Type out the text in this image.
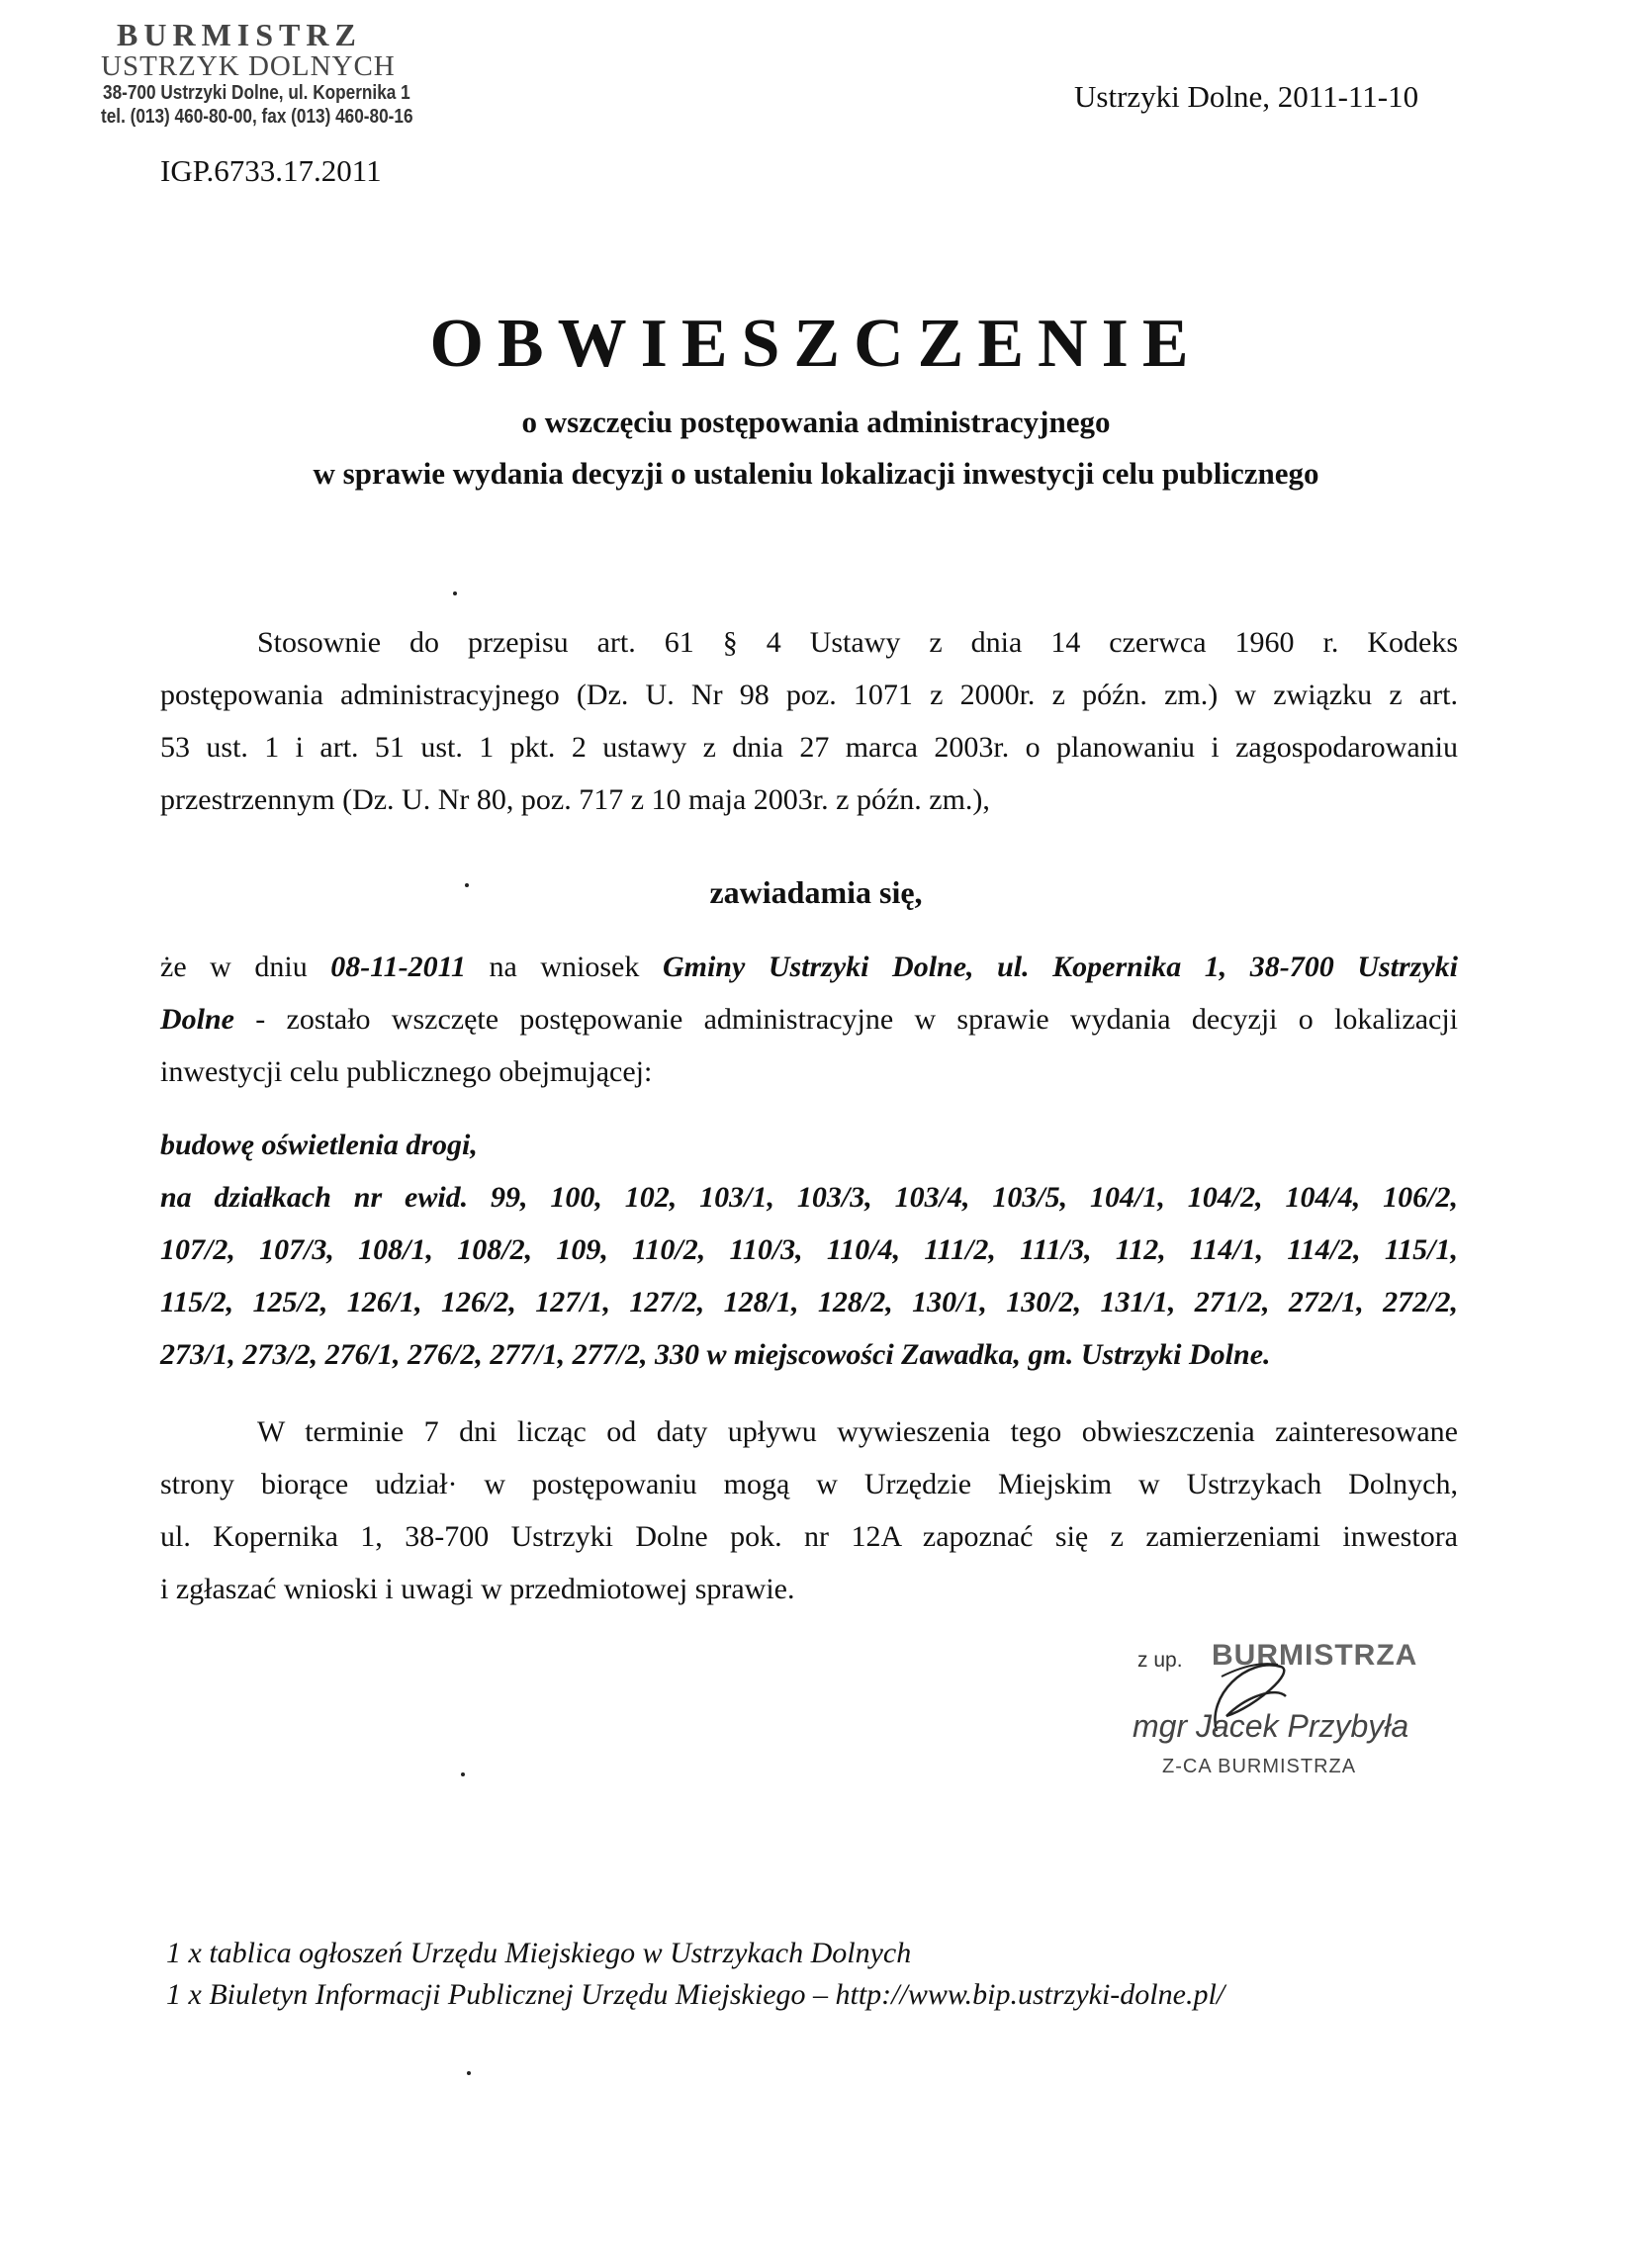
BURMISTRZ
USTRZYK DOLNYCH
38-700 Ustrzyki Dolne, ul. Kopernika 1
tel. (013) 460-80-00, fax (013) 460-80-16
Ustrzyki Dolne, 2011-11-10
IGP.6733.17.2011
OBWIESZCZENIE
o wszczęciu postępowania administracyjnego
w sprawie wydania decyzji o ustaleniu lokalizacji inwestycji celu publicznego
Stosownie do przepisu art. 61 § 4 Ustawy z dnia 14 czerwca 1960 r. Kodeks
postępowania administracyjnego (Dz. U. Nr 98 poz. 1071 z 2000r. z późn. zm.) w związku z art.
53 ust. 1 i art. 51 ust. 1 pkt. 2 ustawy z dnia 27 marca 2003r. o planowaniu i zagospodarowaniu
przestrzennym (Dz. U. Nr 80, poz. 717 z 10 maja 2003r. z późn. zm.),
zawiadamia się,
że w dniu 08-11-2011 na wniosek Gminy Ustrzyki Dolne, ul. Kopernika 1, 38-700 Ustrzyki
Dolne - zostało wszczęte postępowanie administracyjne w sprawie wydania decyzji o lokalizacji
inwestycji celu publicznego obejmującej:
budowę oświetlenia drogi,
na działkach nr ewid. 99, 100, 102, 103/1, 103/3, 103/4, 103/5, 104/1, 104/2, 104/4, 106/2,
107/2, 107/3, 108/1, 108/2, 109, 110/2, 110/3, 110/4, 111/2, 111/3, 112, 114/1, 114/2, 115/1,
115/2, 125/2, 126/1, 126/2, 127/1, 127/2, 128/1, 128/2, 130/1, 130/2, 131/1, 271/2, 272/1, 272/2,
273/1, 273/2, 276/1, 276/2, 277/1, 277/2, 330 w miejscowości Zawadka, gm. Ustrzyki Dolne.
W terminie 7 dni licząc od daty upływu wywieszenia tego obwieszczenia zainteresowane
strony biorące udział· w postępowaniu mogą w Urzędzie Miejskim w Ustrzykach Dolnych,
ul. Kopernika 1, 38-700 Ustrzyki Dolne pok. nr 12A zapoznać się z zamierzeniami inwestora
i zgłaszać wnioski i uwagi w przedmiotowej sprawie.
z up. BURMISTRZA
mgr Jacek Przybyła
Z-CA BURMISTRZA
1 x tablica ogłoszeń Urzędu Miejskiego w Ustrzykach Dolnych
1 x Biuletyn Informacji Publicznej Urzędu Miejskiego – http://www.bip.ustrzyki-dolne.pl/
